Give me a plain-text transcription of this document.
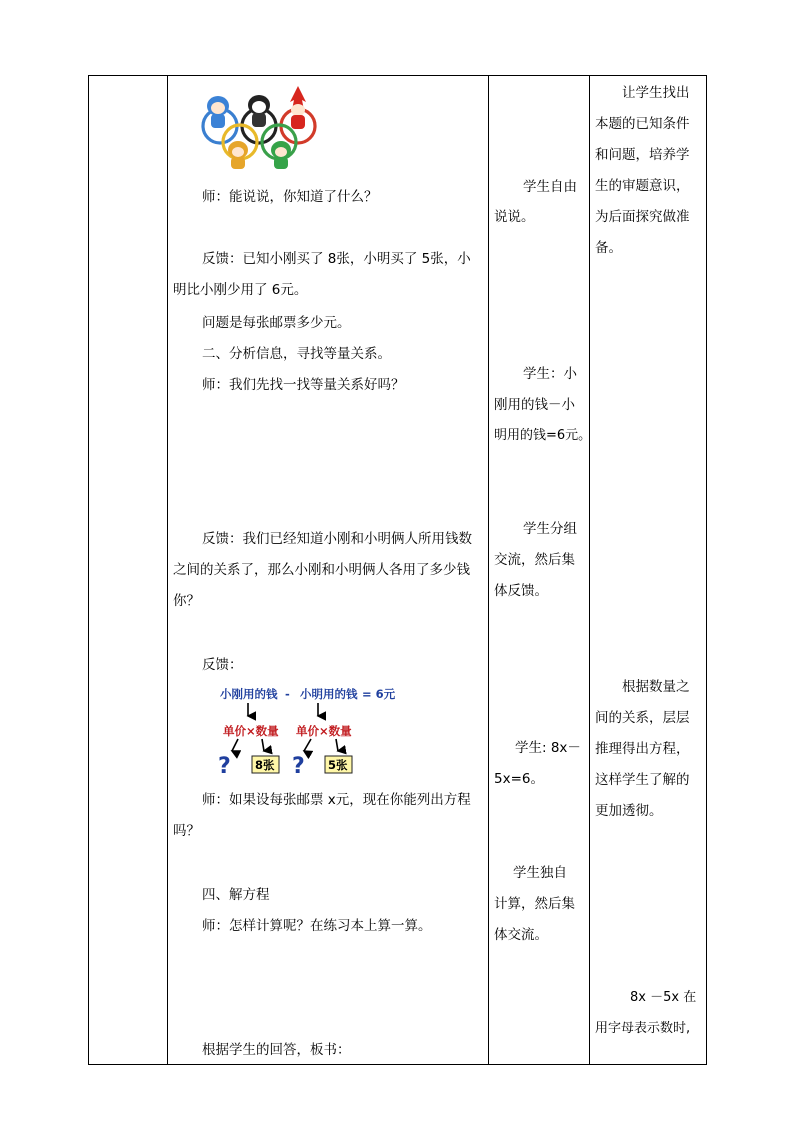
师：能说说，你知道了什么？
反馈：已知小刚买了 8张，小明买了 5张，小
明比小刚少用了 6元。
问题是每张邮票多少元。
二、分析信息，寻找等量关系。
师：我们先找一找等量关系好吗？
反馈：我们已经知道小刚和小明俩人所用钱数
之间的关系了，那么小刚和小明俩人各用了多少钱
你？
反馈：
小刚用的钱 - 小明用的钱 = 6元
单价×数量 单价×数量
? 8张 ? 5张
师：如果设每张邮票 x元，现在你能列出方程
吗？
四、解方程
师：怎样计算呢？在练习本上算一算。
根据学生的回答，板书：
学生自由
说说。
学生：小
刚用的钱－小
明用的钱=6元。
学生分组
交流，然后集
体反馈。
学生: 8x－
5x=6。
学生独自
计算，然后集
体交流。
让学生找出
本题的已知条件
和问题，培养学
生的审题意识，
为后面探究做准
备。
根据数量之
间的关系，层层
推理得出方程，
这样学生了解的
更加透彻。
8x －5x 在
用字母表示数时,
